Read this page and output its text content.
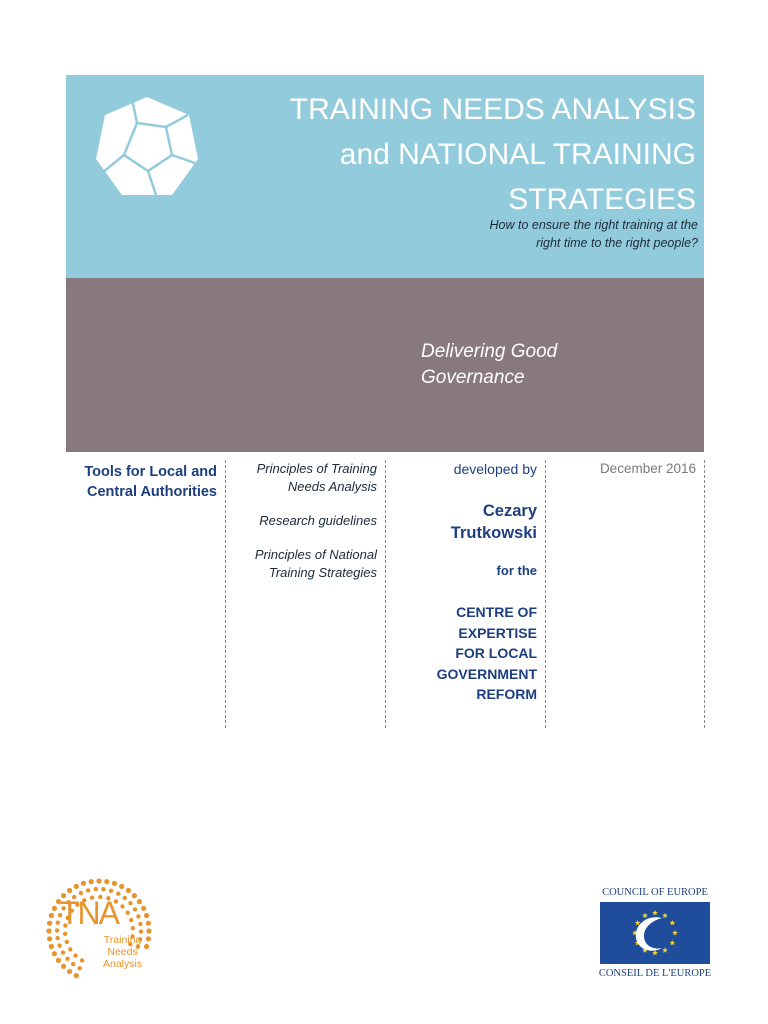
TRAINING NEEDS ANALYSIS
and NATIONAL TRAINING
STRATEGIES
How to ensure the right training at the
right time to the right people?
Delivering Good
Governance
Tools for Local and
Central Authorities

Principles of Training
Needs Analysis

Research guidelines

Principles of National
Training Strategies

developed by

Cezary
Trutkowski

for the

CENTRE OF
EXPERTISE
FOR LOCAL
GOVERNMENT
REFORM

December 2016
TNA
Training
Needs
Analysis
COUNCIL OF EUROPE
CONSEIL DE L'EUROPE
